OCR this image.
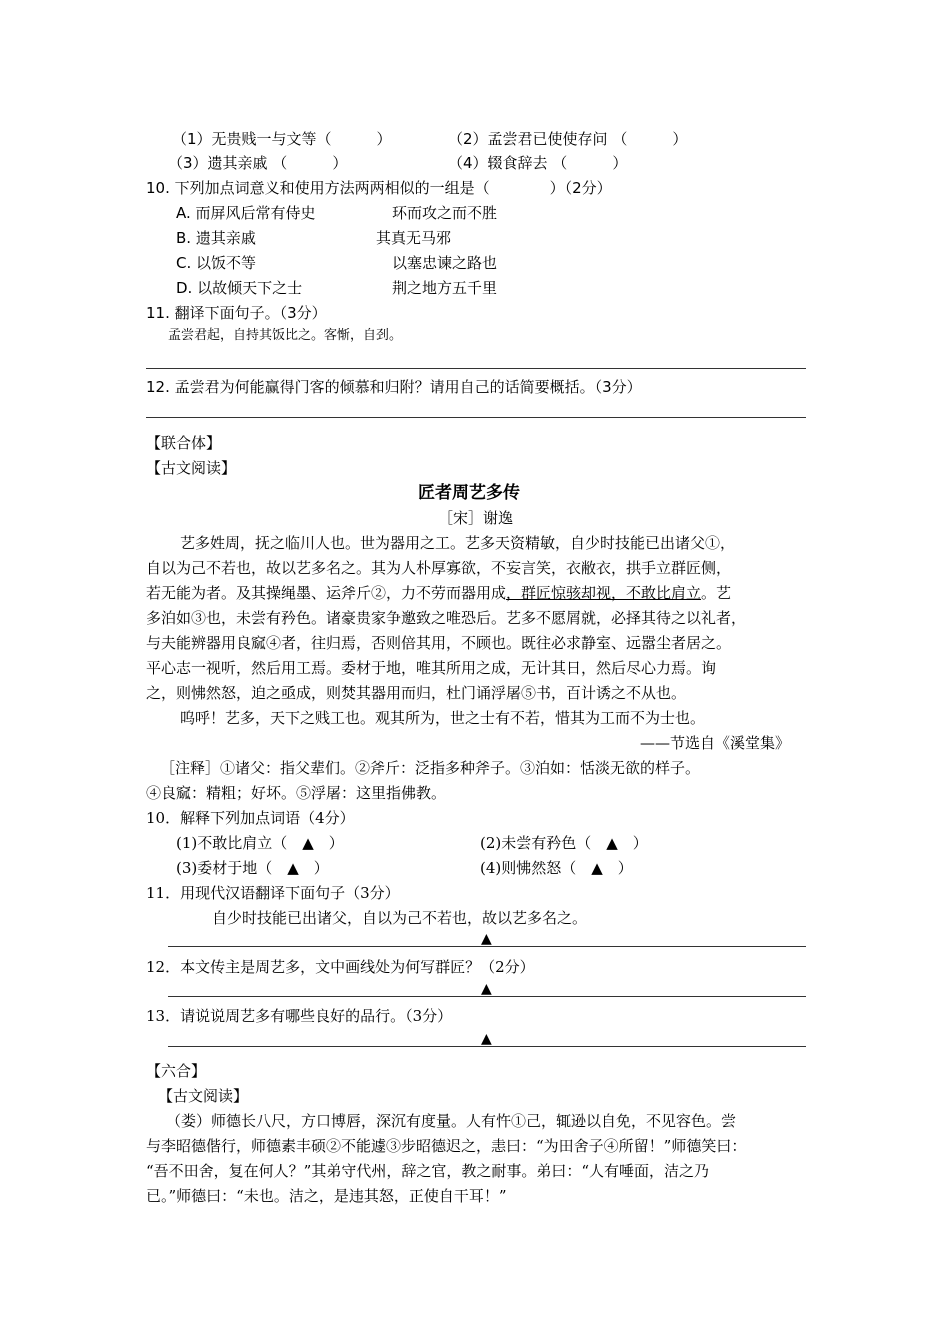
（1）无贵贱一与文等（　　　）	（2）孟尝君已使使存问 （　　　）
（3）遗其亲戚 （　　　）	（4）辍食辞去 （　　　）
10. 下列加点词意义和使用方法两两相似的一组是（　　　　）（2分）
A. 而屏风后常有侍史	环而攻之而不胜
B. 遗其亲戚	其真无马邪
C. 以饭不等	以塞忠谏之路也
D. 以故倾天下之士	荆之地方五千里
11. 翻译下面句子。（3分）
孟尝君起，自持其饭比之。客惭，自刭。
12. 孟尝君为何能赢得门客的倾慕和归附？请用自己的话简要概括。（3分）
【联合体】
【古文阅读】
匠者周艺多传
［宋］谢逸
艺多姓周，抚之临川人也。世为器用之工。艺多天资精敏，自少时技能已出诸父①，
自以为己不若也，故以艺多名之。其为人朴厚寡欲，不妄言笑，衣敝衣，拱手立群匠侧，
若无能为者。及其操绳墨、运斧斤②，力不劳而器用成，群匠惊骇却视，不敢比肩立。艺
多泊如③也，未尝有矜色。诸豪贵家争邀致之唯恐后。艺多不愿屑就，必择其待之以礼者，
与夫能辨器用良窳④者，往归焉，否则倍其用，不顾也。既往必求静室、远嚣尘者居之。
平心志一视听，然后用工焉。委材于地，唯其所用之成，无计其日，然后尽心力焉。询
之，则怫然怒，迫之亟成，则焚其器用而归，杜门诵浮屠⑤书，百计诱之不从也。
呜呼！艺多，天下之贱工也。观其所为，世之士有不若，惜其为工而不为士也。
——节选自《溪堂集》
［注释］①诸父：指父辈们。②斧斤：泛指多种斧子。③泊如：恬淡无欲的样子。
④良窳：精粗；好坏。⑤浮屠：这里指佛教。
10．解释下列加点词语（4分）
(1)不敢比肩立（　▲　）	(2)未尝有矜色（　▲　）
(3)委材于地（　▲　）	(4)则怫然怒（　▲　）
11．用现代汉语翻译下面句子（3分）
自少时技能已出诸父，自以为己不若也，故以艺多名之。
▲
12．本文传主是周艺多，文中画线处为何写群匠？（2分）
▲
13．请说说周艺多有哪些良好的品行。（3分）
▲
【六合】
【古文阅读】
（娄）师德长八尺，方口博唇，深沉有度量。人有忤①己，辄逊以自免，不见容色。尝
与李昭德偕行，师德素丰硕②不能遽③步昭德迟之，恚曰：“为田舍子④所留！”师德笑曰：
“吾不田舍，复在何人？”其弟守代州，辞之官，教之耐事。弟曰：“人有唾面，洁之乃
已。”师德曰：“未也。洁之，是违其怒，正使自干耳！”
